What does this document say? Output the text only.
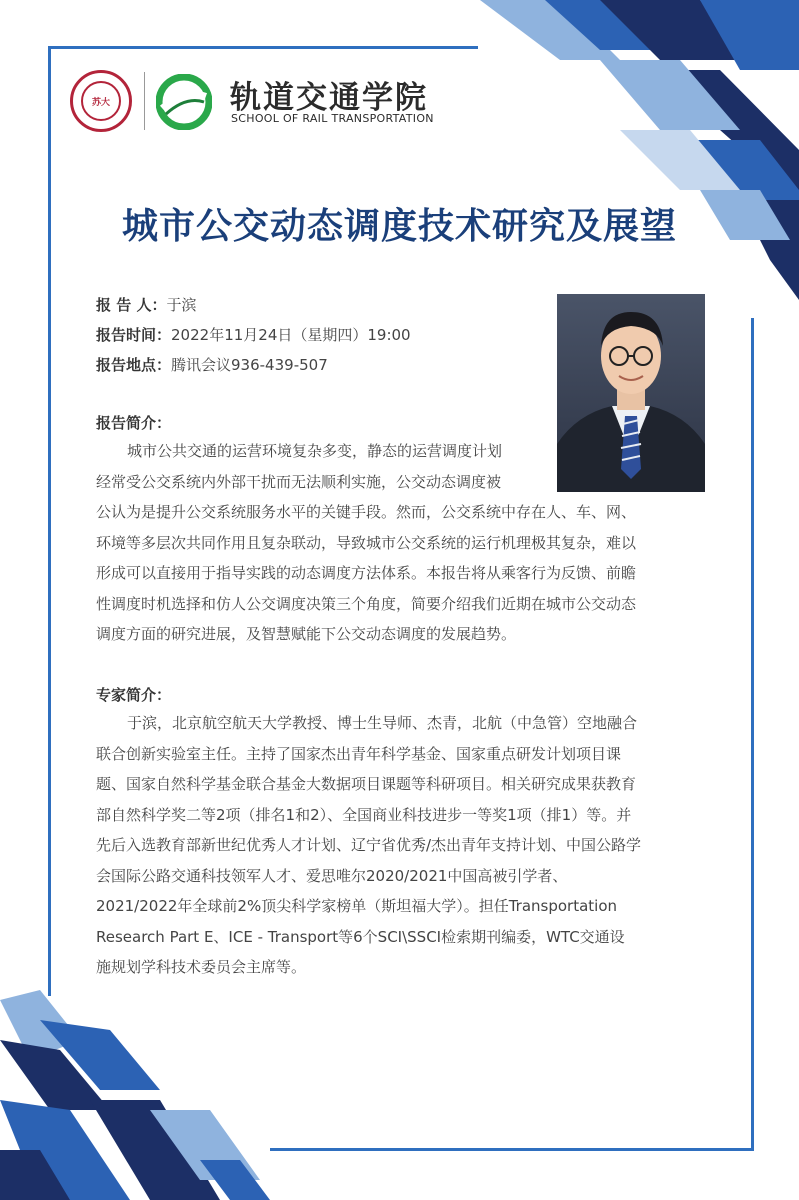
苏大	轨道交通学院
SCHOOL OF RAIL TRANSPORTATION
城市公交动态调度技术研究及展望
报 告 人：于滨
报告时间：2022年11月24日（星期四）19:00
报告地点：腾讯会议936-439-507
报告简介：
城市公共交通的运营环境复杂多变，静态的运营调度计划
经常受公交系统内外部干扰而无法顺利实施，公交动态调度被
公认为是提升公交系统服务水平的关键手段。然而，公交系统中存在人、车、网、
环境等多层次共同作用且复杂联动，导致城市公交系统的运行机理极其复杂，难以
形成可以直接用于指导实践的动态调度方法体系。本报告将从乘客行为反馈、前瞻
性调度时机选择和仿人公交调度决策三个角度，简要介绍我们近期在城市公交动态
调度方面的研究进展，及智慧赋能下公交动态调度的发展趋势。
专家简介：
于滨，北京航空航天大学教授、博士生导师、杰青，北航（中急管）空地融合
联合创新实验室主任。主持了国家杰出青年科学基金、国家重点研发计划项目课
题、国家自然科学基金联合基金大数据项目课题等科研项目。相关研究成果获教育
部自然科学奖二等2项（排名1和2）、全国商业科技进步一等奖1项（排1）等。并
先后入选教育部新世纪优秀人才计划、辽宁省优秀/杰出青年支持计划、中国公路学
会国际公路交通科技领军人才、爱思唯尔2020/2021中国高被引学者、
2021/2022年全球前2%顶尖科学家榜单（斯坦福大学）。担任Transportation
Research Part E、ICE - Transport等6个SCI\SSCI检索期刊编委，WTC交通设
施规划学科技术委员会主席等。
